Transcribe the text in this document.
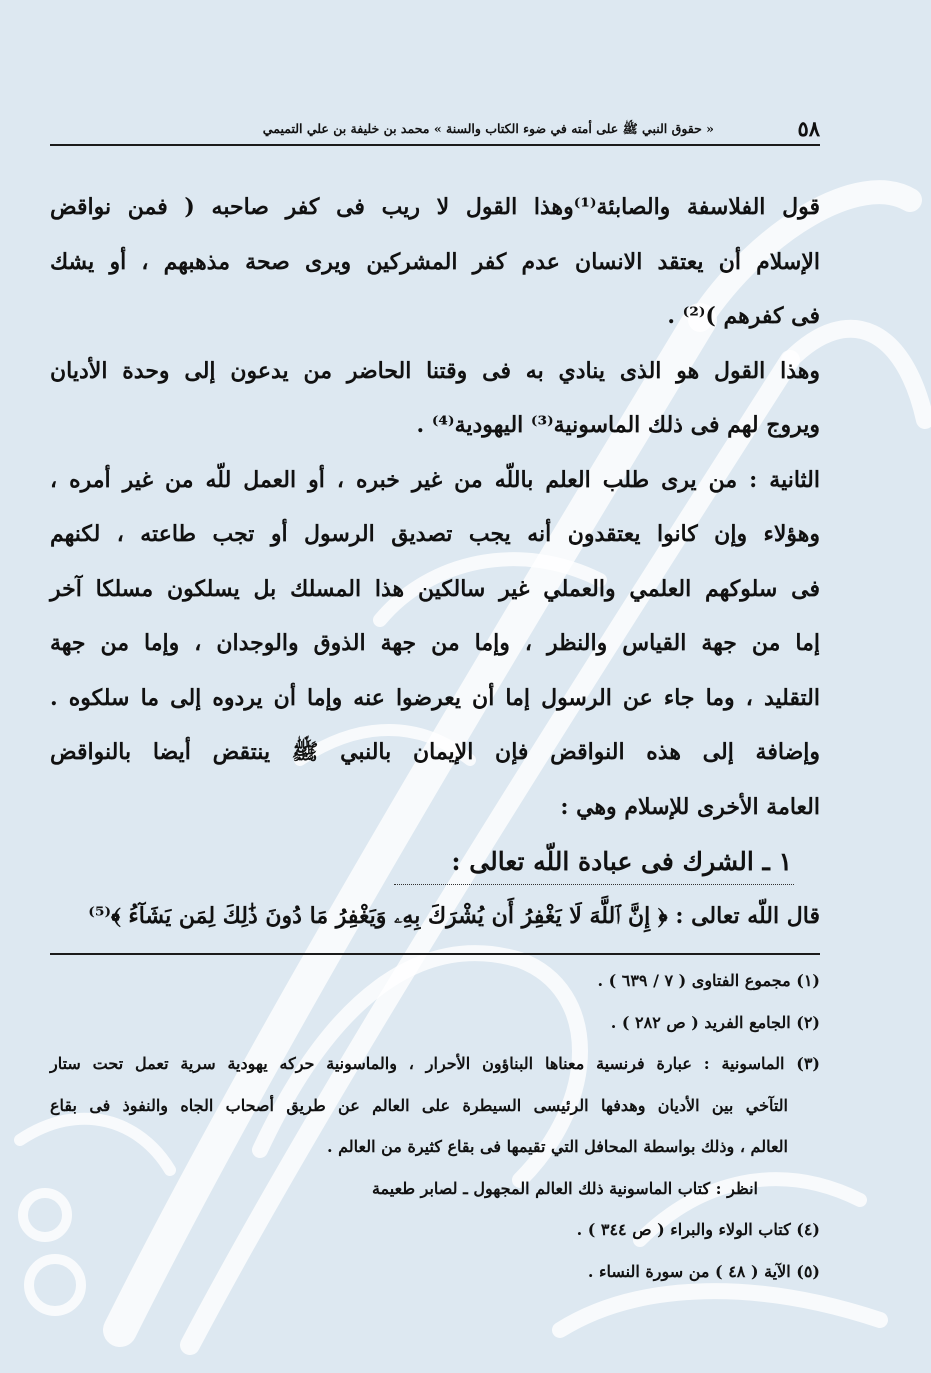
٥٨
« حقوق النبي ﷺ على أمته في ضوء الكتاب والسنة » محمد بن خليفة بن علي التميمي
قول الفلاسفة والصابئة⁽¹⁾وهذا القول لا ريب فى كفر صاحبه ( فمن نواقض
الإسلام أن يعتقد الانسان عدم كفر المشركين ويرى صحة مذهبهم ، أو يشك
فى كفرهم )⁽²⁾ .
وهذا القول هو الذى ينادي به فى وقتنا الحاضر من يدعون إلى وحدة الأديان
ويروج لهم فى ذلك الماسونية⁽³⁾ اليهودية⁽⁴⁾ .
الثانية : من يرى طلب العلم باللّه من غير خبره ، أو العمل للّه من غير أمره ،
وهؤلاء وإن كانوا يعتقدون أنه يجب تصديق الرسول أو تجب طاعته ، لكنهم
فى سلوكهم العلمي والعملي غير سالكين هذا المسلك بل يسلكون مسلكا آخر
إما من جهة القياس والنظر ، وإما من جهة الذوق والوجدان ، وإما من جهة
التقليد ، وما جاء عن الرسول إما أن يعرضوا عنه وإما أن يردوه إلى ما سلكوه .
وإضافة إلى هذه النواقض فإن الإيمان بالنبي ﷺ ينتقض أيضا بالنواقض
العامة الأخرى للإسلام وهي :
١ ـ الشرك فى عبادة اللّه تعالى :
قال اللّه تعالى : ﴿ إِنَّ ٱللَّهَ لَا يَغْفِرُ أَن يُشْرَكَ بِهِۦ وَيَغْفِرُ مَا دُونَ ذَٰلِكَ لِمَن يَشَآءُ ﴾⁽⁵⁾
(١) مجموع الفتاوى ( ٧ / ٦٣٩ ) .
(٢) الجامع الفريد ( ص ٢٨٢ ) .
(٣) الماسونية : عبارة فرنسية معناها البناؤون الأحرار ، والماسونية حركه يهودية سرية تعمل تحت ستار
التآخي بين الأديان وهدفها الرئيسى السيطرة على العالم عن طريق أصحاب الجاه والنفوذ فى بقاع
العالم ، وذلك بواسطة المحافل التي تقيمها فى بقاع كثيرة من العالم .
انظر : كتاب الماسونية ذلك العالم المجهول ـ لصابر طعيمة
(٤) كتاب الولاء والبراء ( ص ٣٤٤ ) .
(٥) الآية ( ٤٨ ) من سورة النساء .
